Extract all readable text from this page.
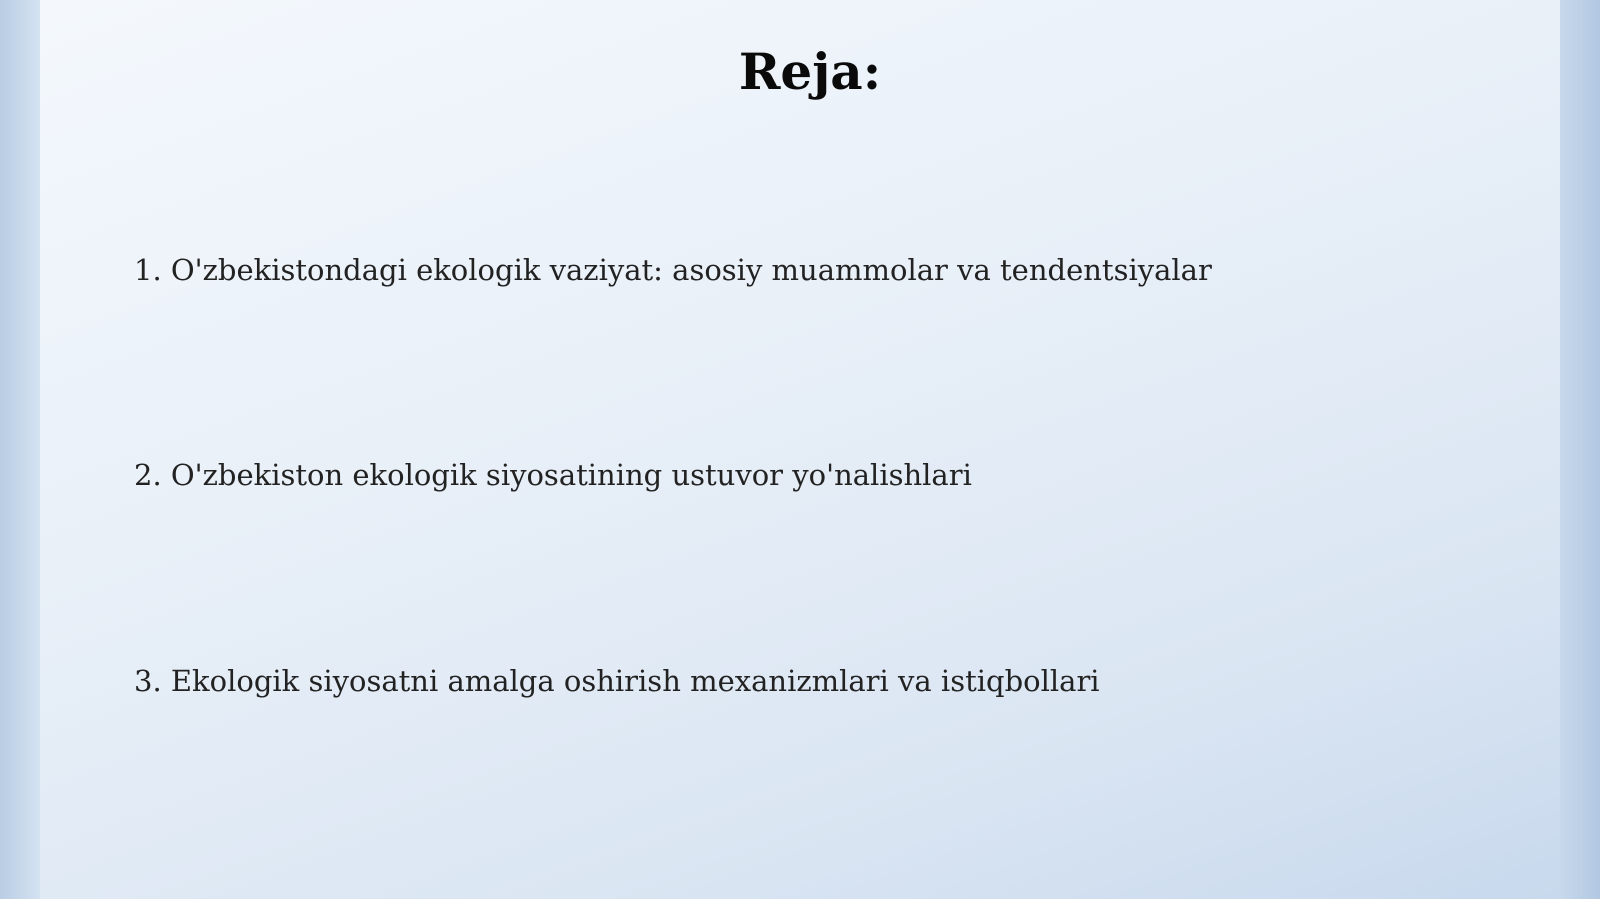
Reja:
1. O'zbekistondagi ekologik vaziyat: asosiy muammolar va tendentsiyalar
2. O'zbekiston ekologik siyosatining ustuvor yo'nalishlari
3. Ekologik siyosatni amalga oshirish mexanizmlari va istiqbollari
